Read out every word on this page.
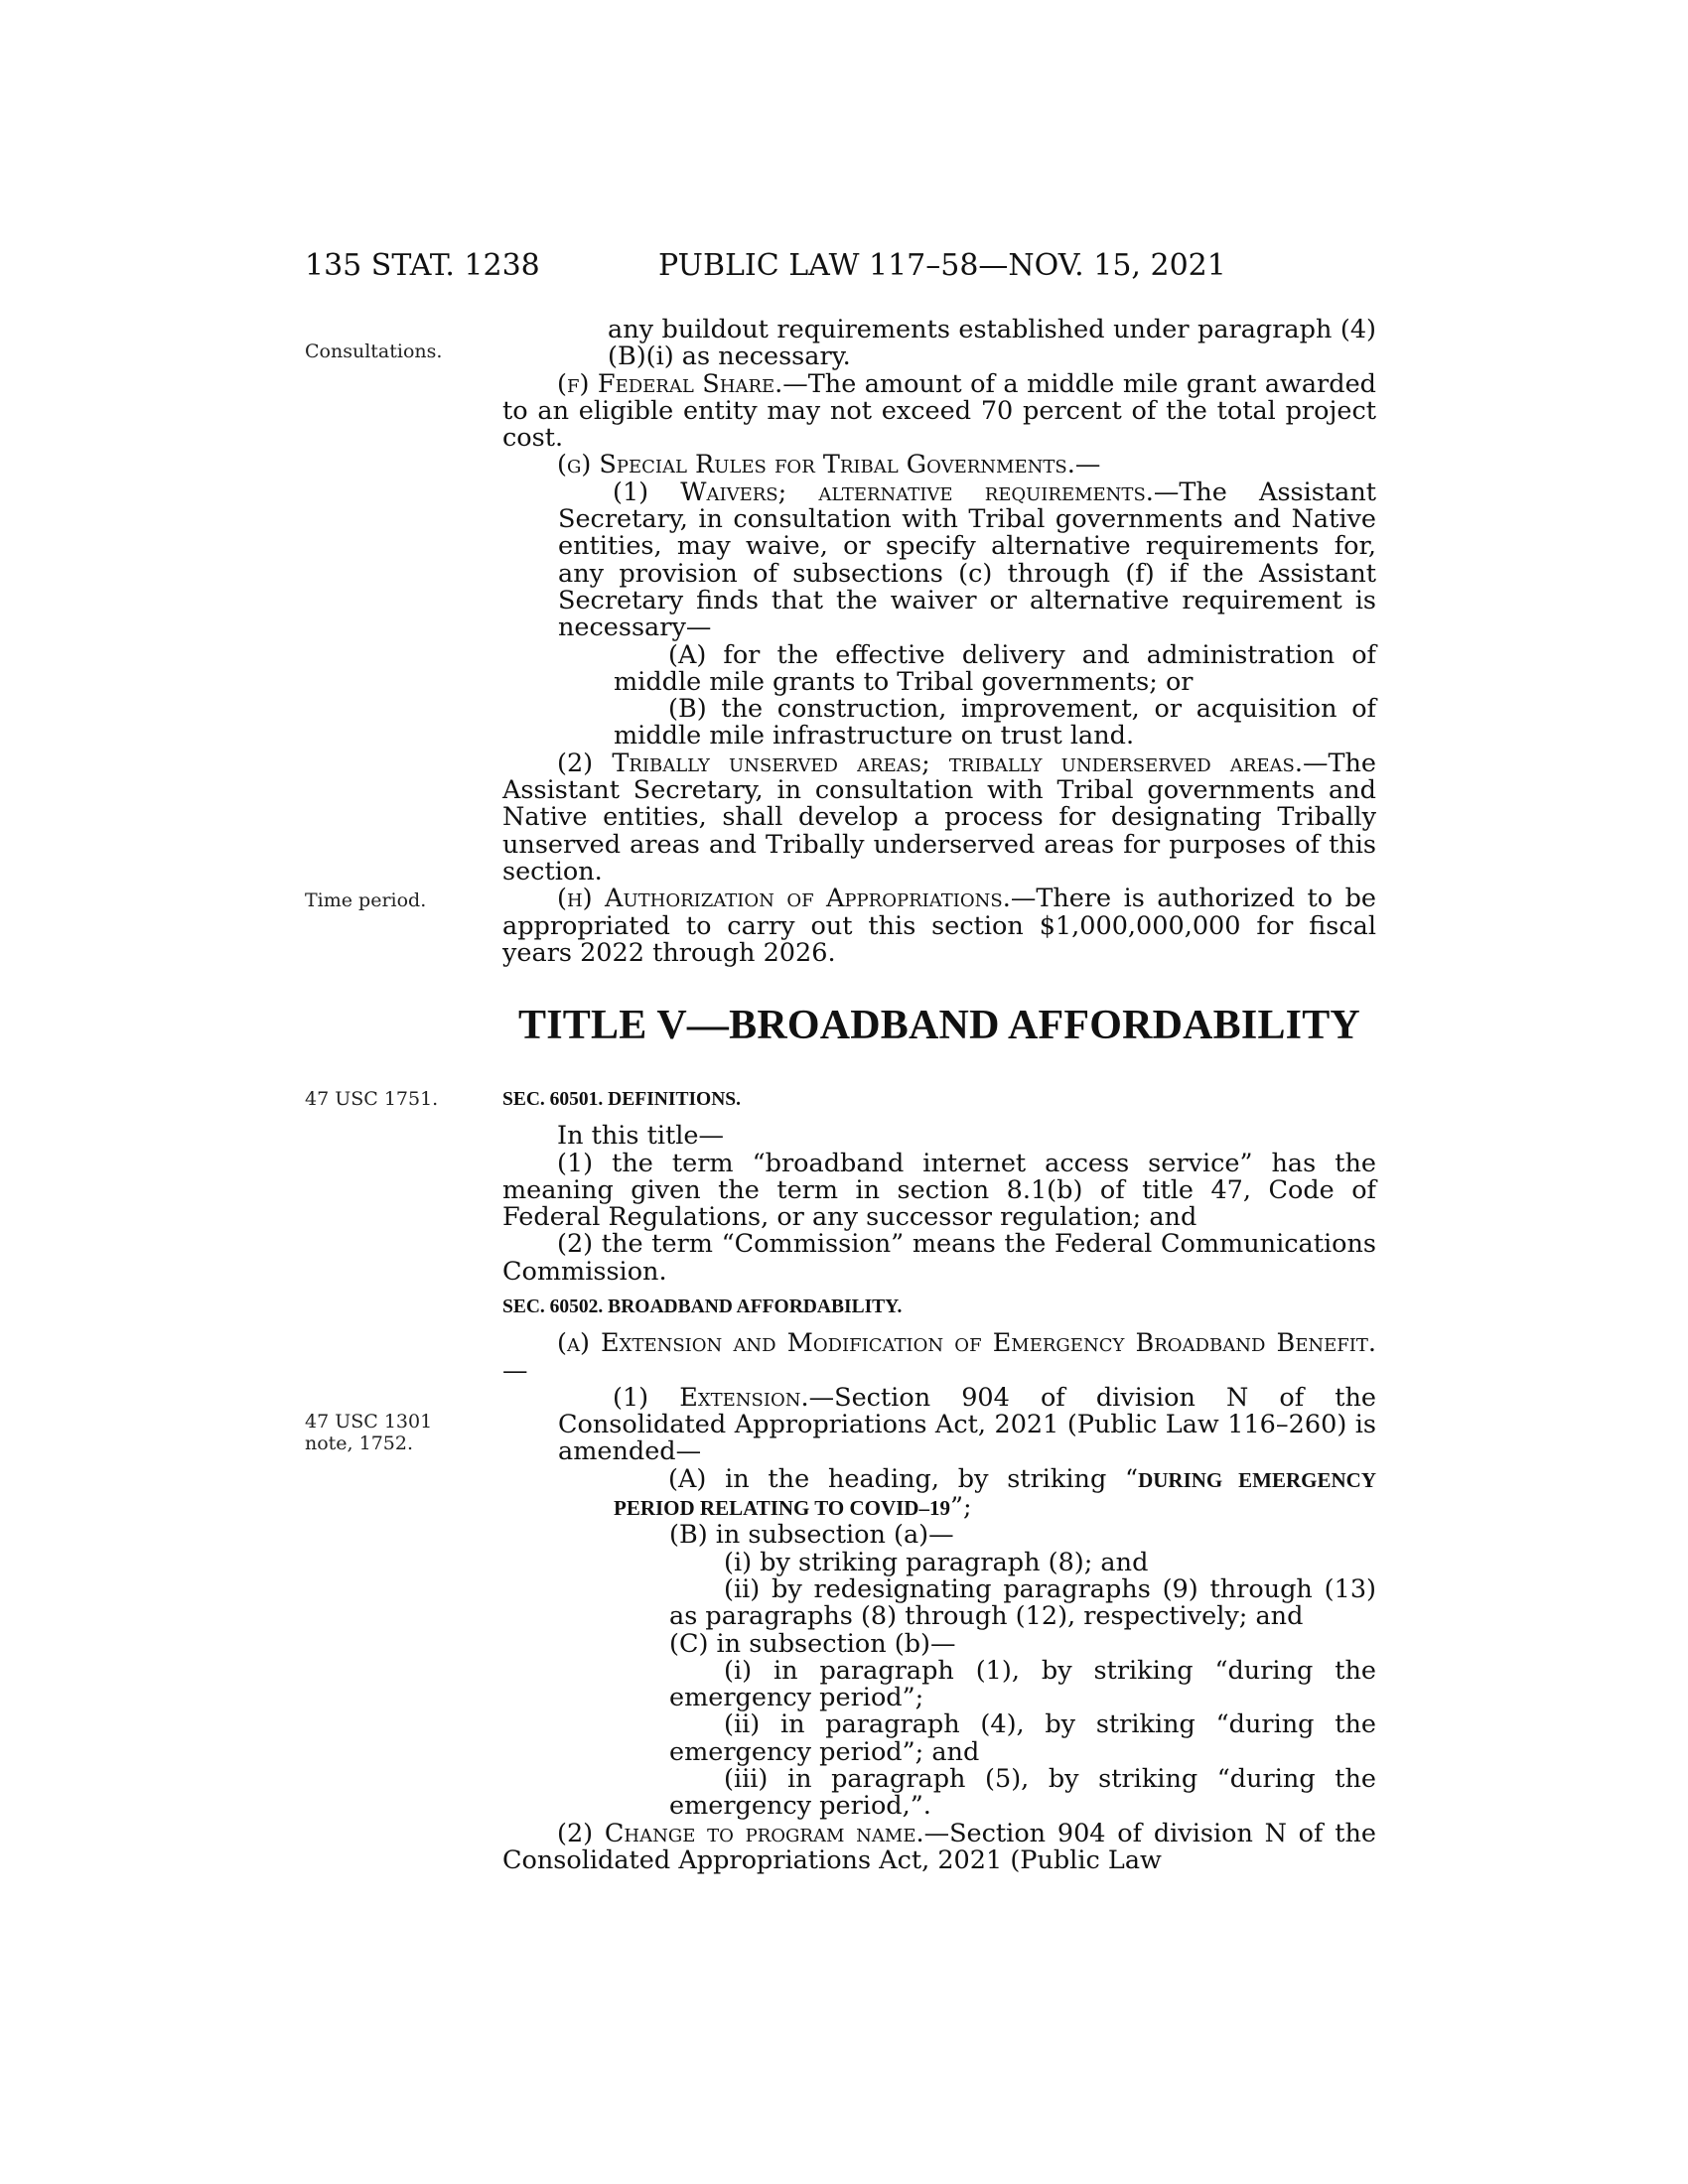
135 STAT. 1238	PUBLIC LAW 117–58—NOV. 15, 2021
Consultations.
Time period.
47 USC 1751.
47 USC 1301
note, 1752.

any buildout requirements established under paragraph (4)(B)(i) as necessary.

(f) Federal Share.—The amount of a middle mile grant awarded to an eligible entity may not exceed 70 percent of the total project cost.

(g) Special Rules for Tribal Governments.—

(1) Waivers; alternative requirements.—The Assistant Secretary, in consultation with Tribal governments and Native entities, may waive, or specify alternative requirements for, any provision of subsections (c) through (f) if the Assistant Secretary finds that the waiver or alternative requirement is necessary—

(A) for the effective delivery and administration of middle mile grants to Tribal governments; or

(B) the construction, improvement, or acquisition of middle mile infrastructure on trust land.

(2) Tribally unserved areas; tribally underserved areas.—The Assistant Secretary, in consultation with Tribal governments and Native entities, shall develop a process for designating Tribally unserved areas and Tribally underserved areas for purposes of this section.

(h) Authorization of Appropriations.—There is authorized to be appropriated to carry out this section $1,000,000,000 for fiscal years 2022 through 2026.

TITLE V—BROADBAND AFFORDABILITY

SEC. 60501. DEFINITIONS.

In this title—

(1) the term “broadband internet access service” has the meaning given the term in section 8.1(b) of title 47, Code of Federal Regulations, or any successor regulation; and

(2) the term “Commission” means the Federal Communications Commission.

SEC. 60502. BROADBAND AFFORDABILITY.

(a) Extension and Modification of Emergency Broadband Benefit.—

(1) Extension.—Section 904 of division N of the Consolidated Appropriations Act, 2021 (Public Law 116–260) is amended—

(A) in the heading, by striking “DURING EMERGENCY PERIOD RELATING TO COVID–19”;

(B) in subsection (a)—

(i) by striking paragraph (8); and

(ii) by redesignating paragraphs (9) through (13) as paragraphs (8) through (12), respectively; and

(C) in subsection (b)—

(i) in paragraph (1), by striking “during the emergency period”;

(ii) in paragraph (4), by striking “during the emergency period”; and

(iii) in paragraph (5), by striking “during the emergency period,”.

(2) Change to program name.—Section 904 of division N of the Consolidated Appropriations Act, 2021 (Public Law
